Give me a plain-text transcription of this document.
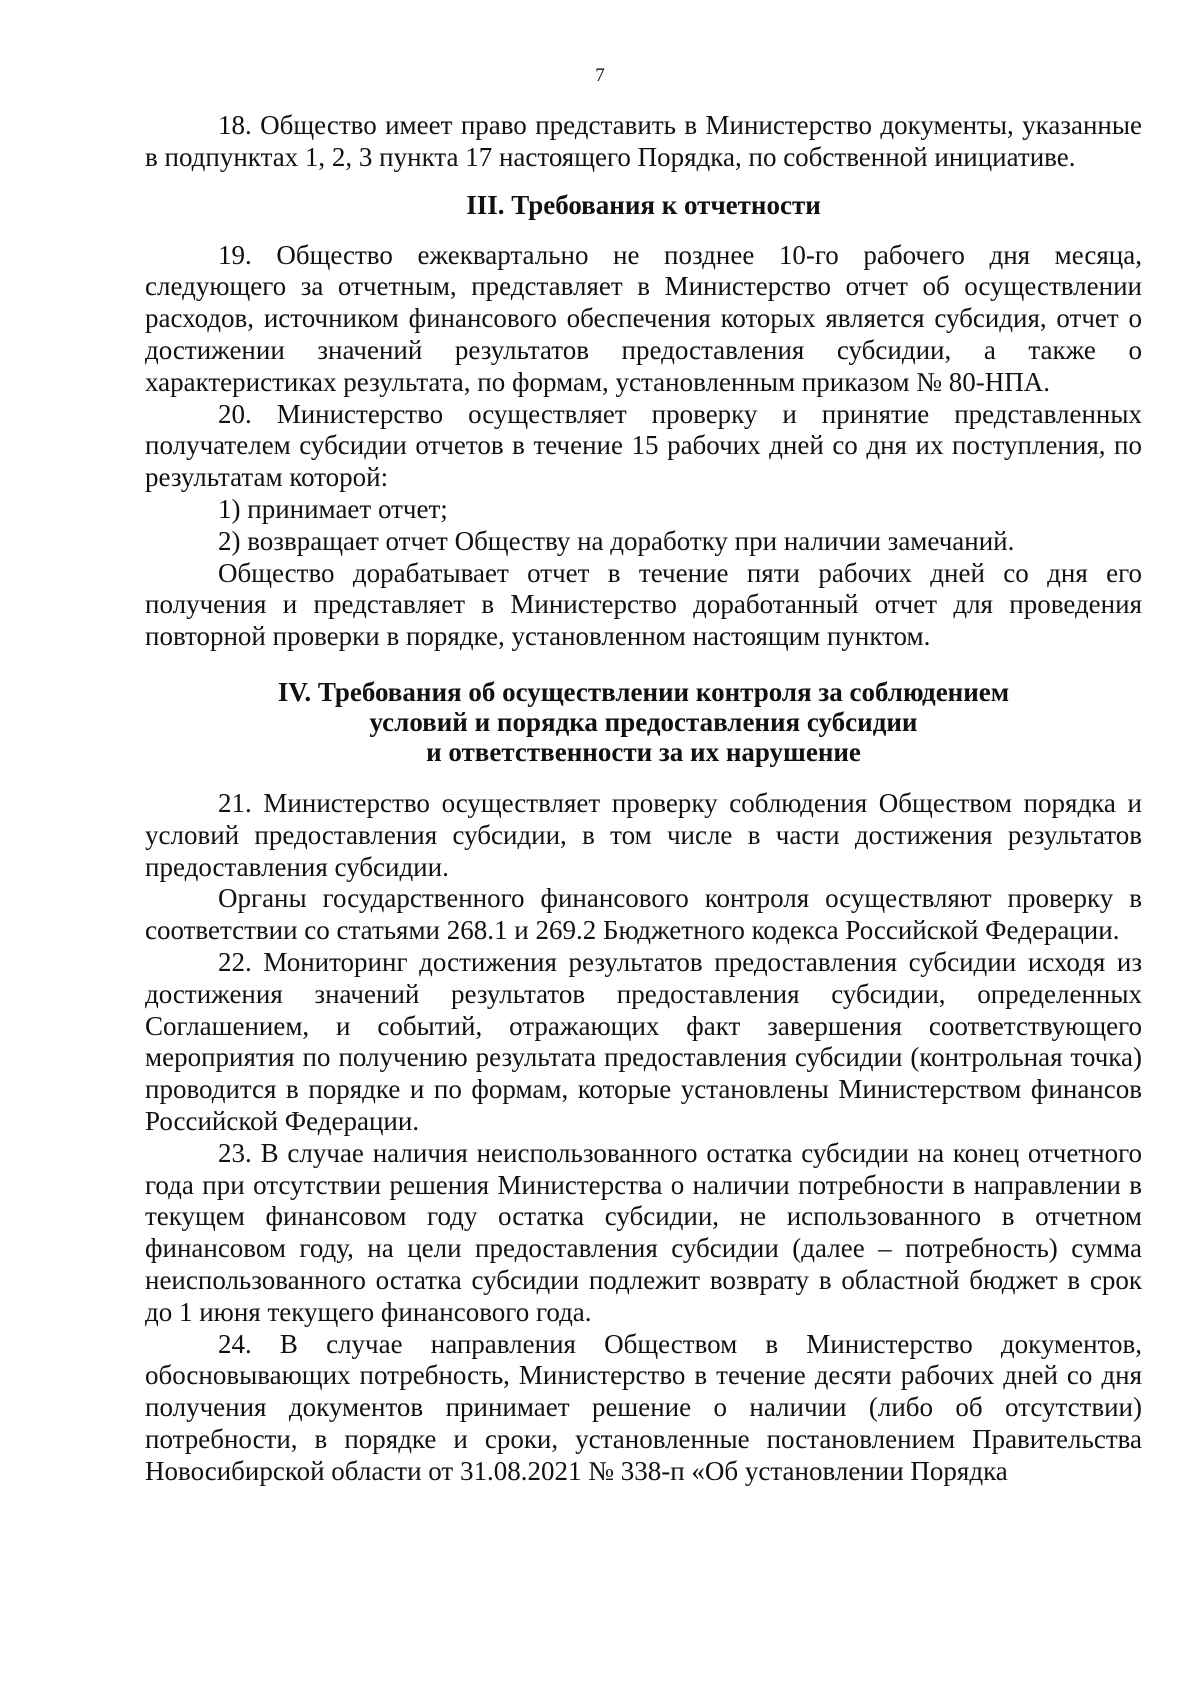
7

18. Общество имеет право представить в Министерство документы, указанные в подпунктах 1, 2, 3 пункта 17 настоящего Порядка, по собственной инициативе.

III. Требования к отчетности

19. Общество ежеквартально не позднее 10-го рабочего дня месяца, следующего за отчетным, представляет в Министерство отчет об осуществлении расходов, источником финансового обеспечения которых является субсидия, отчет о достижении значений результатов предоставления субсидии, а также о характеристиках результата, по формам, установленным приказом № 80-НПА.

20. Министерство осуществляет проверку и принятие представленных получателем субсидии отчетов в течение 15 рабочих дней со дня их поступления, по результатам которой:

1) принимает отчет;

2) возвращает отчет Обществу на доработку при наличии замечаний.

Общество дорабатывает отчет в течение пяти рабочих дней со дня его получения и представляет в Министерство доработанный отчет для проведения повторной проверки в порядке, установленном настоящим пунктом.

IV. Требования об осуществлении контроля за соблюдением
условий и порядка предоставления субсидии
и ответственности за их нарушение

21. Министерство осуществляет проверку соблюдения Обществом порядка и условий предоставления субсидии, в том числе в части достижения результатов предоставления субсидии.

Органы государственного финансового контроля осуществляют проверку в соответствии со статьями 268.1 и 269.2 Бюджетного кодекса Российской Федерации.

22. Мониторинг достижения результатов предоставления субсидии исходя из достижения значений результатов предоставления субсидии, определенных Соглашением, и событий, отражающих факт завершения соответствующего мероприятия по получению результата предоставления субсидии (контрольная точка) проводится в порядке и по формам, которые установлены Министерством финансов Российской Федерации.

23. В случае наличия неиспользованного остатка субсидии на конец отчетного года при отсутствии решения Министерства о наличии потребности в направлении в текущем финансовом году остатка субсидии, не использованного в отчетном финансовом году, на цели предоставления субсидии (далее – потребность) сумма неиспользованного остатка субсидии подлежит возврату в областной бюджет в срок до 1 июня текущего финансового года.

24. В случае направления Обществом в Министерство документов, обосновывающих потребность, Министерство в течение десяти рабочих дней со дня получения документов принимает решение о наличии (либо об отсутствии) потребности, в порядке и сроки, установленные постановлением Правительства Новосибирской области от 31.08.2021 № 338-п «Об установлении Порядка
